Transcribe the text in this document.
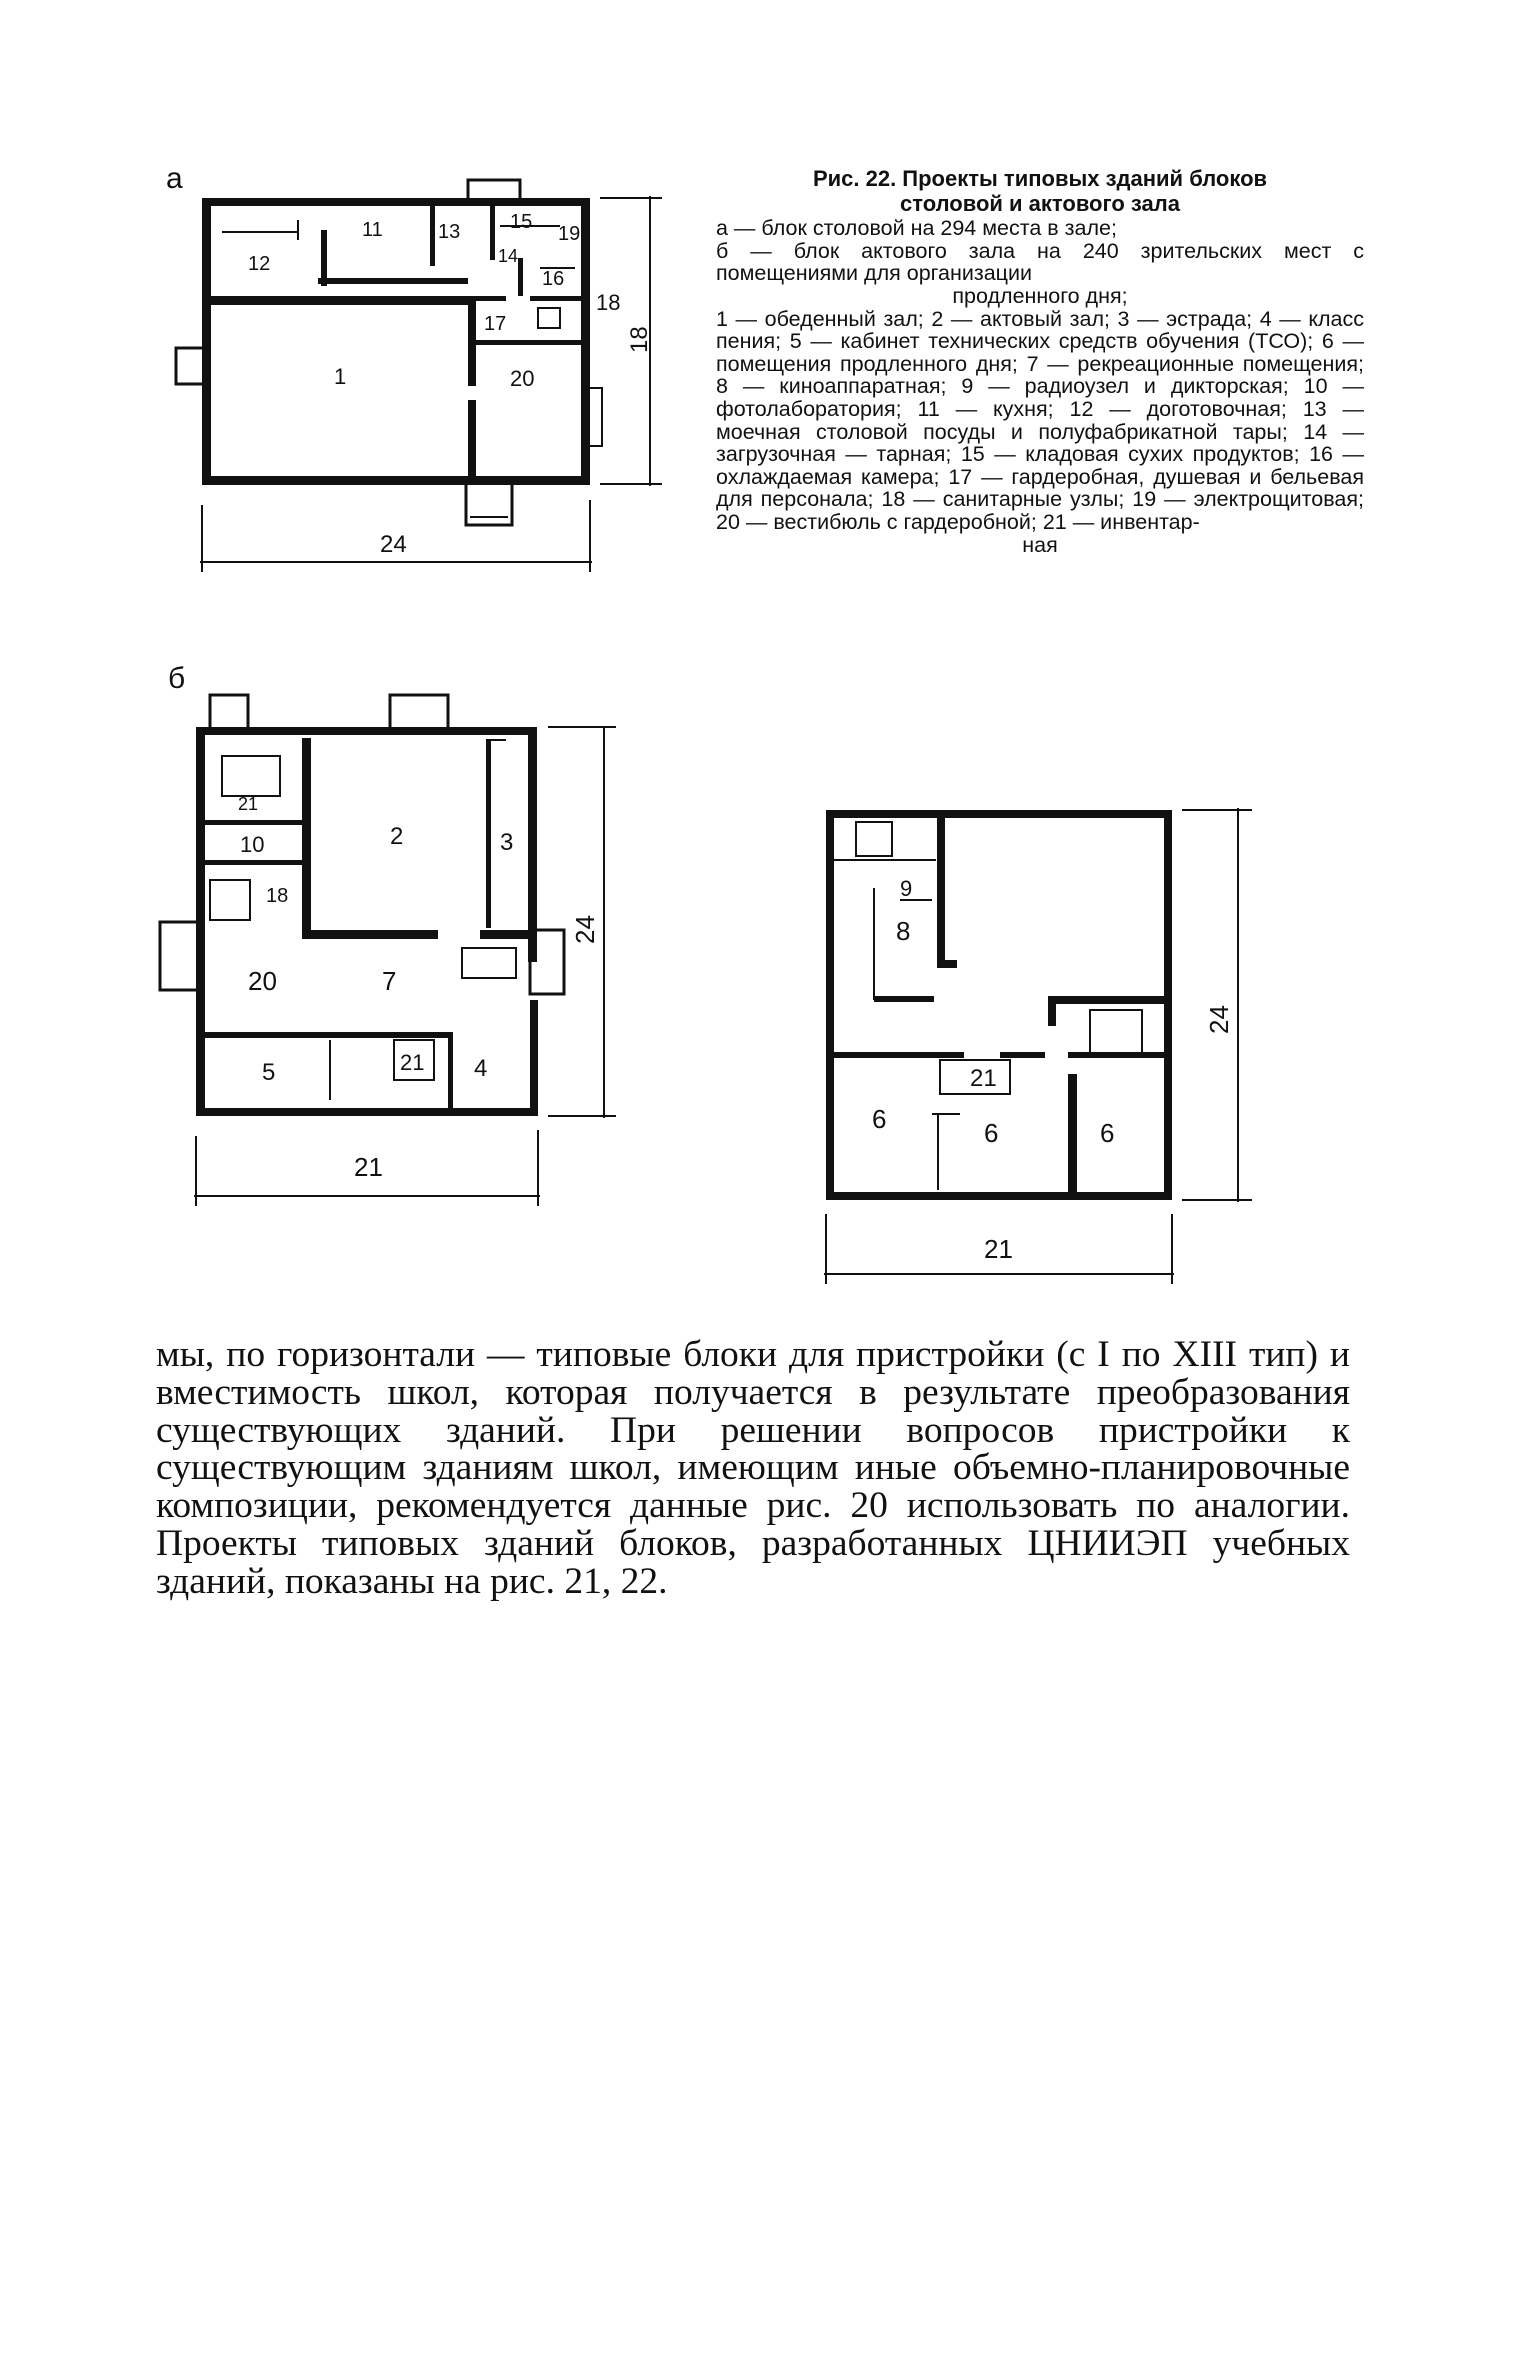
а
12
11	13 15
19
14
16
18
17
1	20
24
18
Рис. 22. Проекты типовых зданий блоков
столовой и актового зала

а — блок столовой на 294 места в зале;

б — блок актового зала на 240 зрительских мест с помещениями для организации

продленного дня;

1 — обеденный зал; 2 — актовый зал; 3 — эстрада; 4 — класс пения; 5 — кабинет технических средств обучения (ТСО); 6 — помещения продленного дня; 7 — рекреационные помещения; 8 — киноаппаратная; 9 — радиоузел и дикторская; 10 — фотолаборатория; 11 — кухня; 12 — доготовочная; 13 — моечная столовой посуды и полуфабрикатной тары; 14 — загрузочная — тарная; 15 — кладовая сухих продуктов; 16 — охлаждаемая камера; 17 — гардеробная, душевая и бельевая для персонала; 18 — санитарные узлы; 19 — электрощитовая; 20 — вестибюль с гардеробной; 21 — инвентар-

ная

б
21
10
18
2	3
20	7
5	21 4
21
24
9
8
21
6	6	6
21
24

мы, по горизонтали — типовые блоки для пристройки (с I по XIII тип) и вместимость школ, которая получается в результате преобразования существующих зданий. При решении вопросов пристройки к существующим зданиям школ, имеющим иные объемно-планировочные композиции, рекомендуется данные рис. 20 использовать по аналогии. Проекты типовых зданий блоков, разработанных ЦНИИЭП учебных зданий, показаны на рис. 21, 22.
